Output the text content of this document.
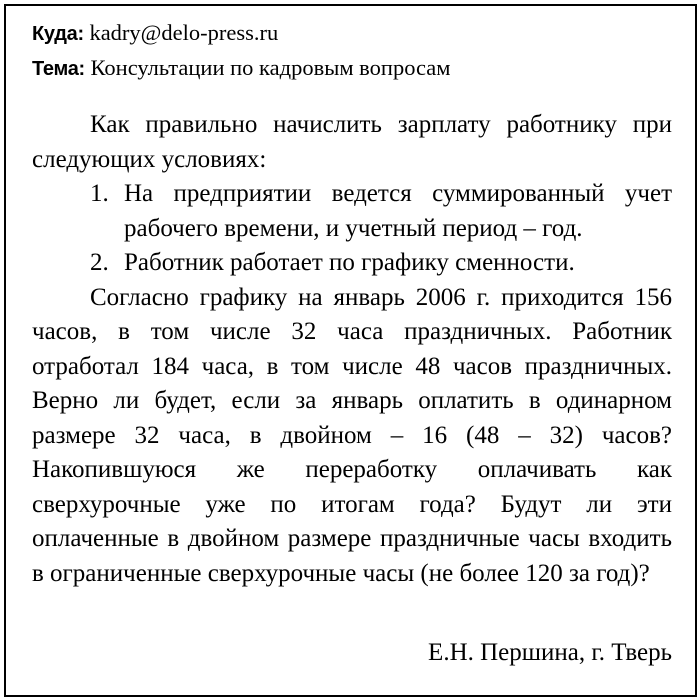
Куда: kadry@delo-press.ru
Тема: Консультации по кадровым вопросам

Как правильно начислить зарплату работнику при следующих условиях:

1. На предприятии ведется суммированный учет рабочего времени, и учетный период – год.
2. Работник работает по графику сменности.

Согласно графику на январь 2006 г. приходится 156 часов, в том числе 32 часа праздничных. Работник отработал 184 часа, в том числе 48 часов праздничных. Верно ли будет, если за январь оплатить в одинарном размере 32 часа, в двойном – 16 (48 – 32) часов? Накопившуюся же переработку оплачивать как сверхурочные уже по итогам года? Будут ли эти оплаченные в двойном размере праздничные часы входить в ограниченные сверхурочные часы (не более 120 за год)?

Е.Н. Першина, г. Тверь
